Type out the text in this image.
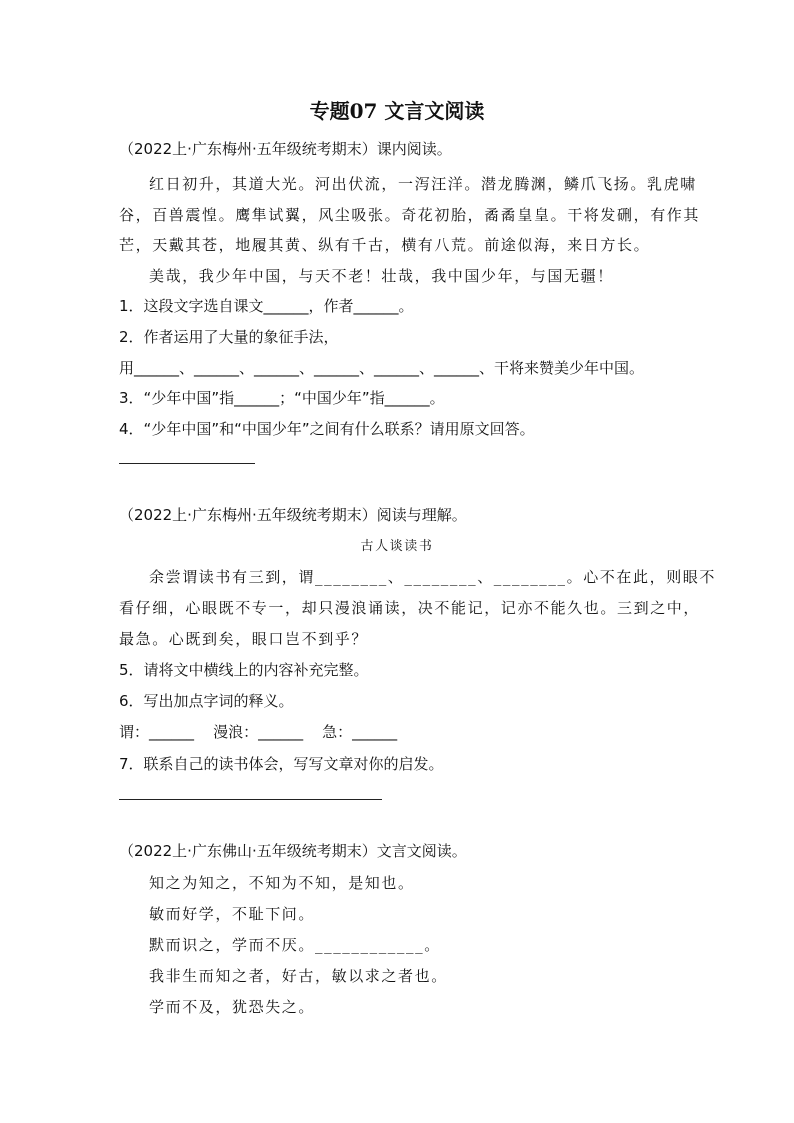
专题07 文言文阅读
（2022上·广东梅州·五年级统考期末）课内阅读。
红日初升，其道大光。河出伏流，一泻汪洋。潜龙腾渊，鳞爪飞扬。乳虎啸
谷，百兽震惶。鹰隼试翼，风尘吸张。奇花初胎，矞矞皇皇。干将发硎，有作其
芒，天戴其苍，地履其黄、纵有千古，横有八荒。前途似海，来日方长。
美哉，我少年中国，与天不老！壮哉，我中国少年，与国无疆！
1．这段文字选自课文______，作者______。
2．作者运用了大量的象征手法，
用______、______、______、______、______、______、干将来赞美少年中国。
3．“少年中国”指______；“中国少年”指______。
4．“少年中国”和“中国少年”之间有什么联系？请用原文回答。
（2022上·广东梅州·五年级统考期末）阅读与理解。
古人谈读书
余尝谓读书有三到，谓________、________、________。心不在此，则眼不
看仔细，心眼既不专一，却只漫浪诵读，决不能记，记亦不能久也。三到之中，
最急。心既到矣，眼口岂不到乎？
5．请将文中横线上的内容补充完整。
6．写出加点字词的释义。
谓：______    漫浪：______    急：______
7．联系自己的读书体会，写写文章对你的启发。
（2022上·广东佛山·五年级统考期末）文言文阅读。
知之为知之，不知为不知，是知也。
敏而好学，不耻下问。
默而识之，学而不厌。____________。
我非生而知之者，好古，敏以求之者也。
学而不及，犹恐失之。
